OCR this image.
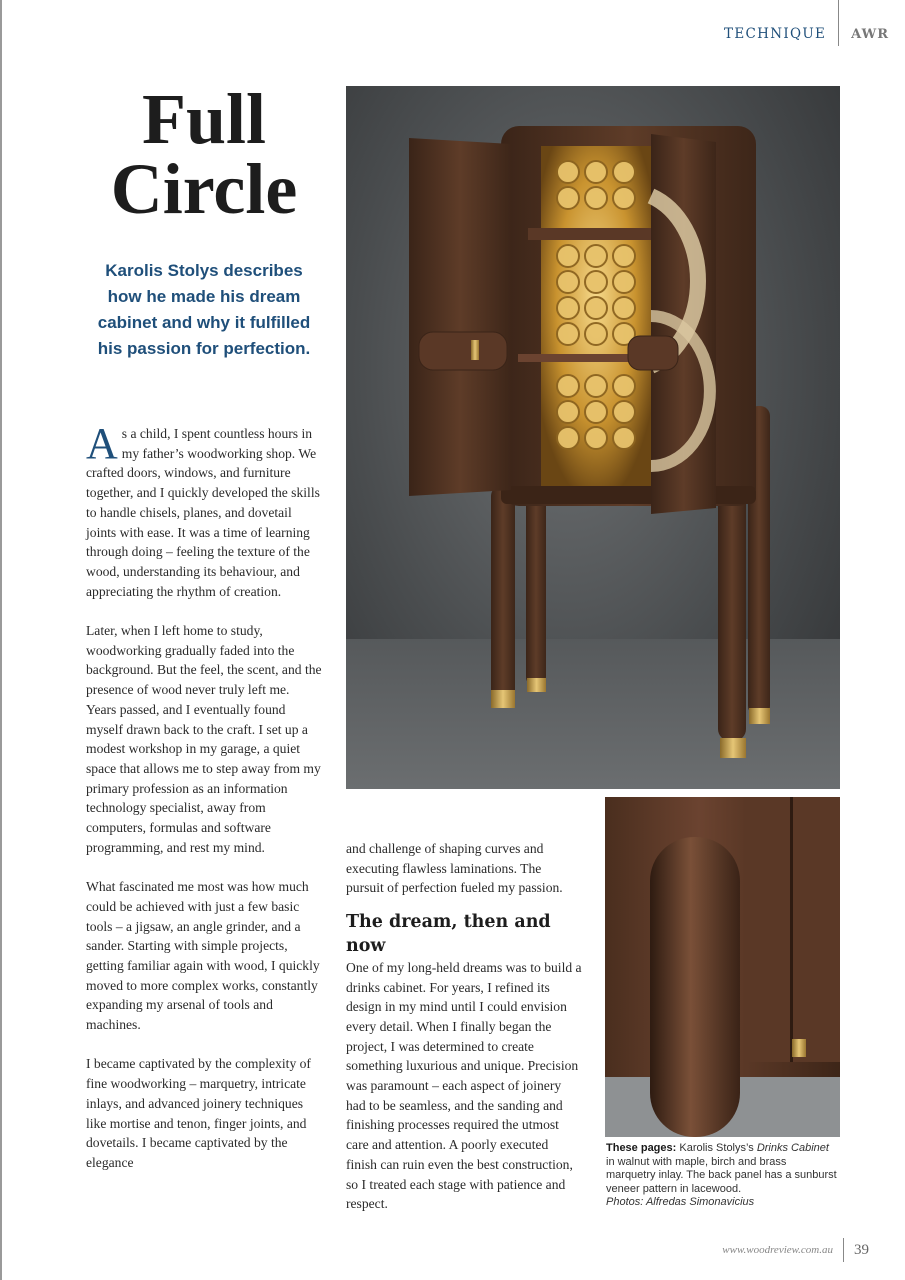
TECHNIQUE AWR
Full
Circle

Karolis Stolys describes how he made his dream cabinet and why it fulfilled his passion for perfection.

As a child, I spent countless hours in my father’s woodworking shop. We crafted doors, windows, and furniture together, and I quickly developed the skills to handle chisels, planes, and dovetail joints with ease. It was a time of learning through doing – feeling the texture of the wood, understanding its behaviour, and appreciating the rhythm of creation.

Later, when I left home to study, woodworking gradually faded into the background. But the feel, the scent, and the presence of wood never truly left me. Years passed, and I eventually found myself drawn back to the craft. I set up a modest workshop in my garage, a quiet space that allows me to step away from my primary profession as an information technology specialist, away from computers, formulas and software programming, and rest my mind.

What fascinated me most was how much could be achieved with just a few basic tools – a jigsaw, an angle grinder, and a sander. Starting with simple projects, getting familiar again with wood, I quickly moved to more complex works, constantly expanding my arsenal of tools and machines.

I became captivated by the complexity of fine woodworking – marquetry, intricate inlays, and advanced joinery techniques like mortise and tenon, finger joints, and dovetails. I became captivated by the elegance

and challenge of shaping curves and executing flawless laminations. The pursuit of perfection fueled my passion.

The dream, then and now

One of my long-held dreams was to build a drinks cabinet. For years, I refined its design in my mind until I could envision every detail. When I finally began the project, I was determined to create something luxurious and unique. Precision was paramount – each aspect of joinery had to be seamless, and the sanding and finishing processes required the utmost care and attention. A poorly executed finish can ruin even the best construction, so I treated each stage with patience and respect.

These pages: Karolis Stolys’s Drinks Cabinet in walnut with maple, birch and brass marquetry inlay. The back panel has a sunburst veneer pattern in lacewood.
Photos: Alfredas Simonavicius

www.woodreview.com.au 39
